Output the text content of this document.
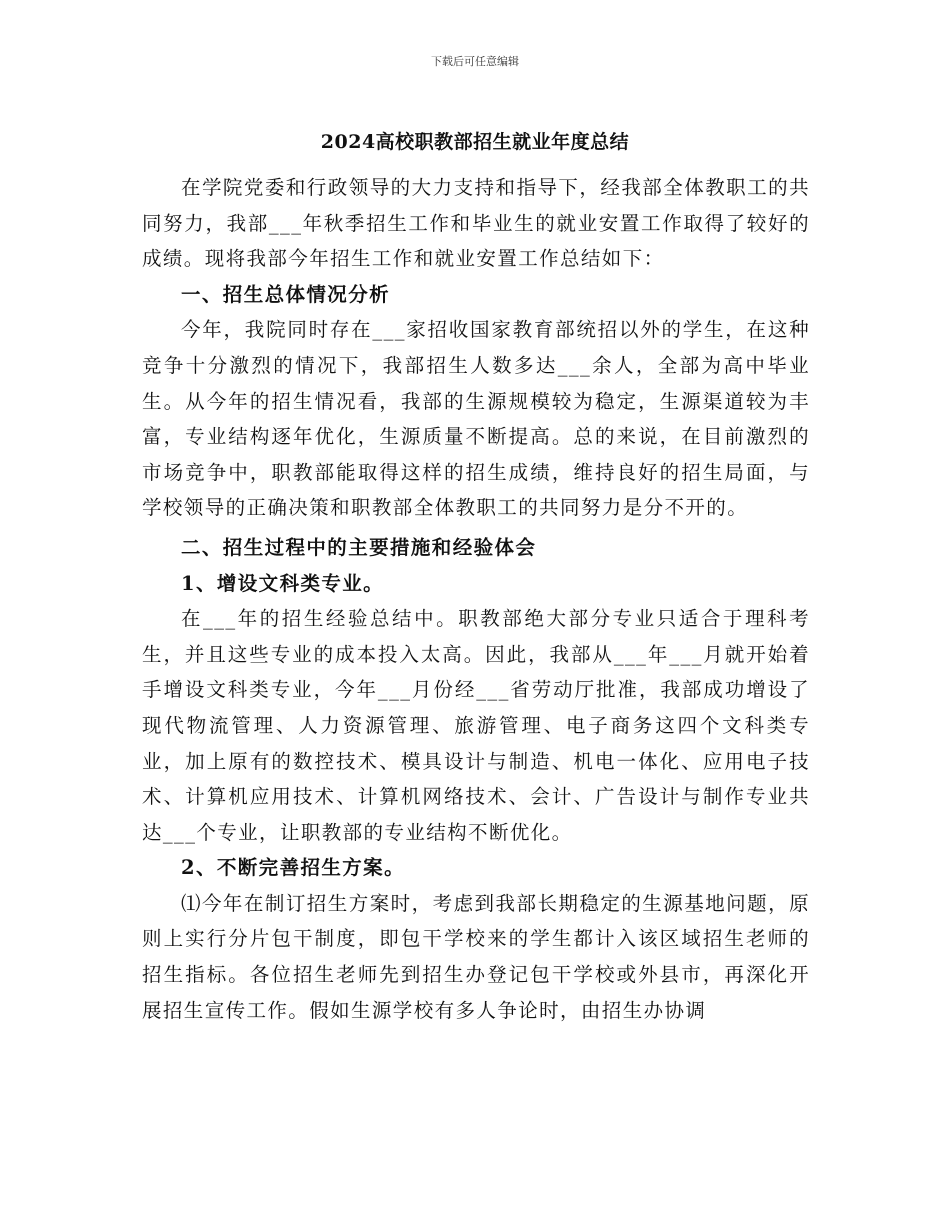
下载后可任意编辑
2024高校职教部招生就业年度总结

在学院党委和行政领导的大力支持和指导下，经我部全体教职工的共同努力，我部___年秋季招生工作和毕业生的就业安置工作取得了较好的成绩。现将我部今年招生工作和就业安置工作总结如下：

一、招生总体情况分析

今年，我院同时存在___家招收国家教育部统招以外的学生，在这种竞争十分激烈的情况下，我部招生人数多达___余人，全部为高中毕业生。从今年的招生情况看，我部的生源规模较为稳定，生源渠道较为丰富，专业结构逐年优化，生源质量不断提高。总的来说，在目前激烈的市场竞争中，职教部能取得这样的招生成绩，维持良好的招生局面，与学校领导的正确决策和职教部全体教职工的共同努力是分不开的。

二、招生过程中的主要措施和经验体会

1、增设文科类专业。

在___年的招生经验总结中。职教部绝大部分专业只适合于理科考生，并且这些专业的成本投入太高。因此，我部从___年___月就开始着手增设文科类专业，今年___月份经___省劳动厅批准，我部成功增设了现代物流管理、人力资源管理、旅游管理、电子商务这四个文科类专业，加上原有的数控技术、模具设计与制造、机电一体化、应用电子技术、计算机应用技术、计算机网络技术、会计、广告设计与制作专业共达___个专业，让职教部的专业结构不断优化。

2、不断完善招生方案。

⑴今年在制订招生方案时，考虑到我部长期稳定的生源基地问题，原则上实行分片包干制度，即包干学校来的学生都计入该区域招生老师的招生指标。各位招生老师先到招生办登记包干学校或外县市，再深化开展招生宣传工作。假如生源学校有多人争论时，由招生办协调
